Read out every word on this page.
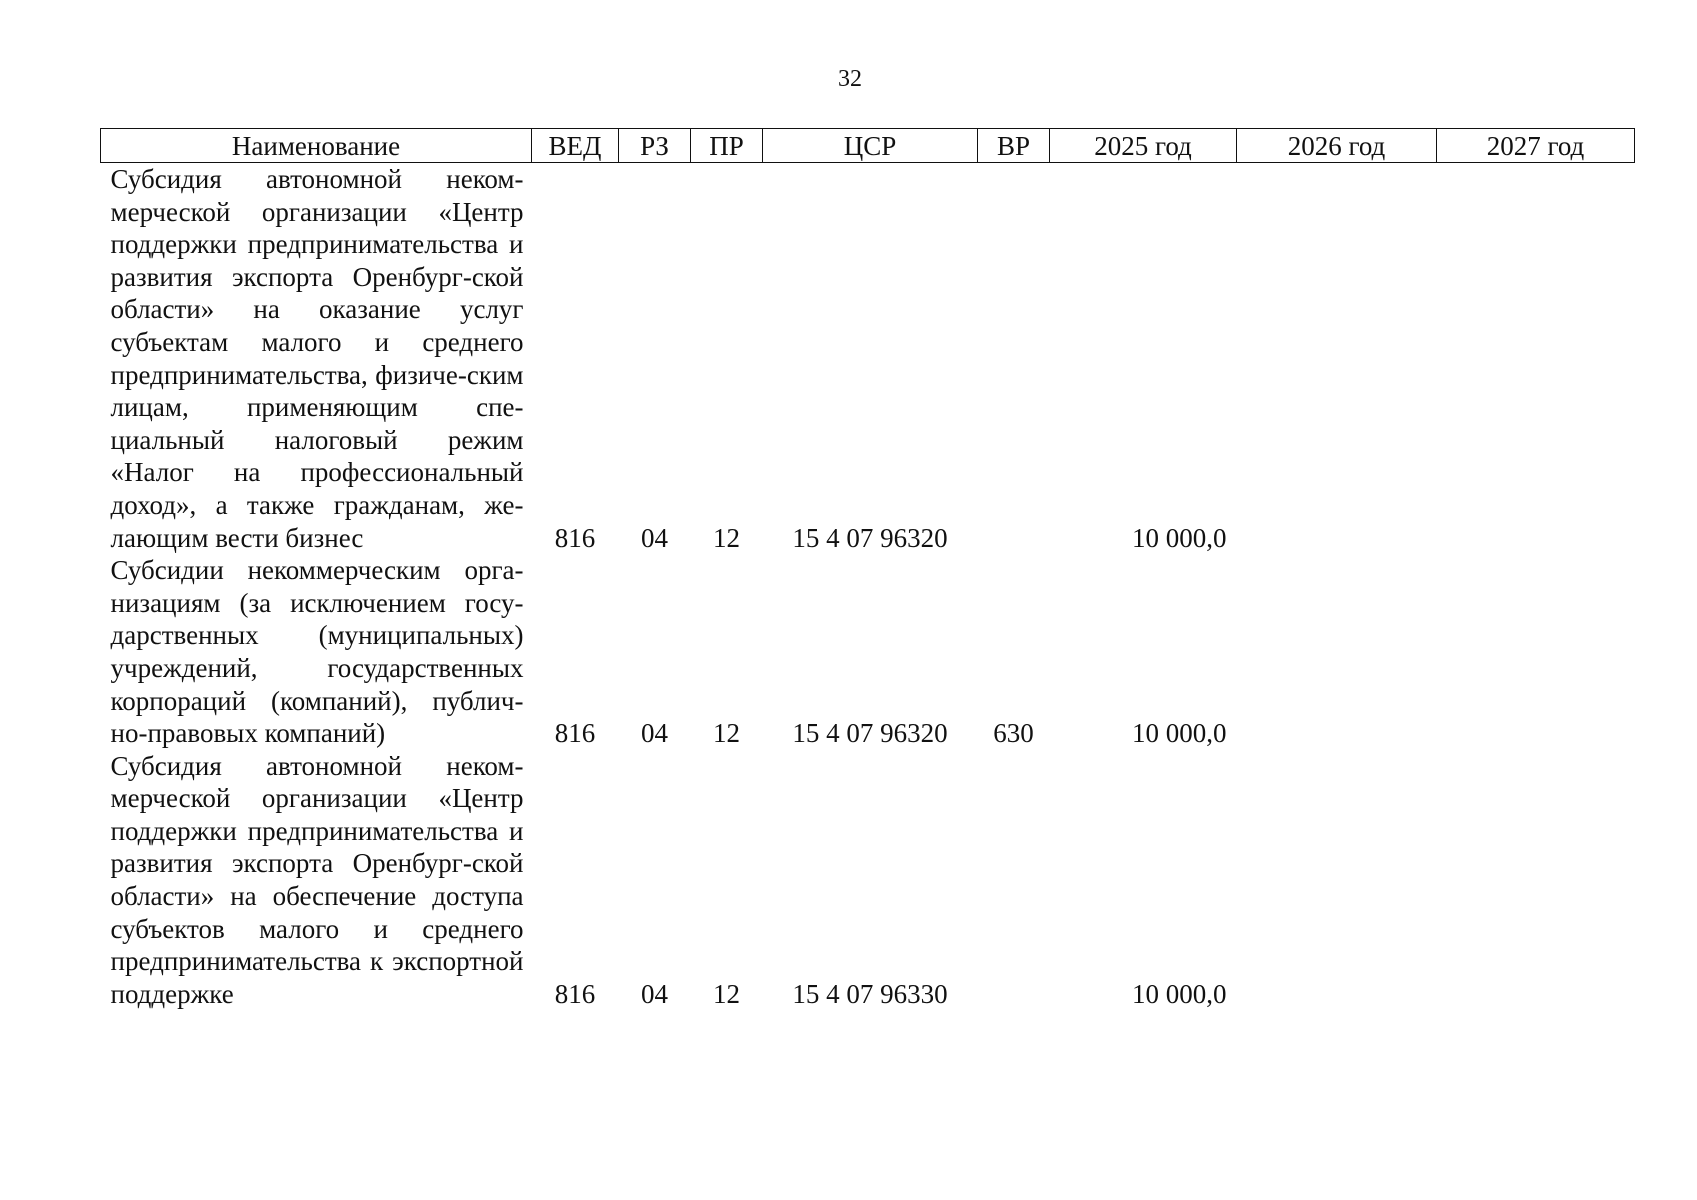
32
Наименование	ВЕД	РЗ	ПР	ЦСР	ВР	2025 год	2026 год	2027 год
Субсидия автономной неком-мерческой организации «Центр поддержки предпринимательства и развития экспорта Оренбург-ской области» на оказание услуг субъектам малого и среднего предпринимательства, физиче-ским лицам, применяющим спе-циальный налоговый режим «Налог на профессиональный доход», а также гражданам, же-лающим вести бизнес	816	04	12	15 4 07 96320		10 000,0		
Субсидии некоммерческим орга-низациям (за исключением госу-дарственных (муниципальных) учреждений, государственных корпораций (компаний), публич-но-правовых компаний)	816	04	12	15 4 07 96320	630	10 000,0		
Субсидия автономной неком-мерческой организации «Центр поддержки предпринимательства и развития экспорта Оренбург-ской области» на обеспечение доступа субъектов малого и среднего предпринимательства к экспортной поддержке	816	04	12	15 4 07 96330		10 000,0		
